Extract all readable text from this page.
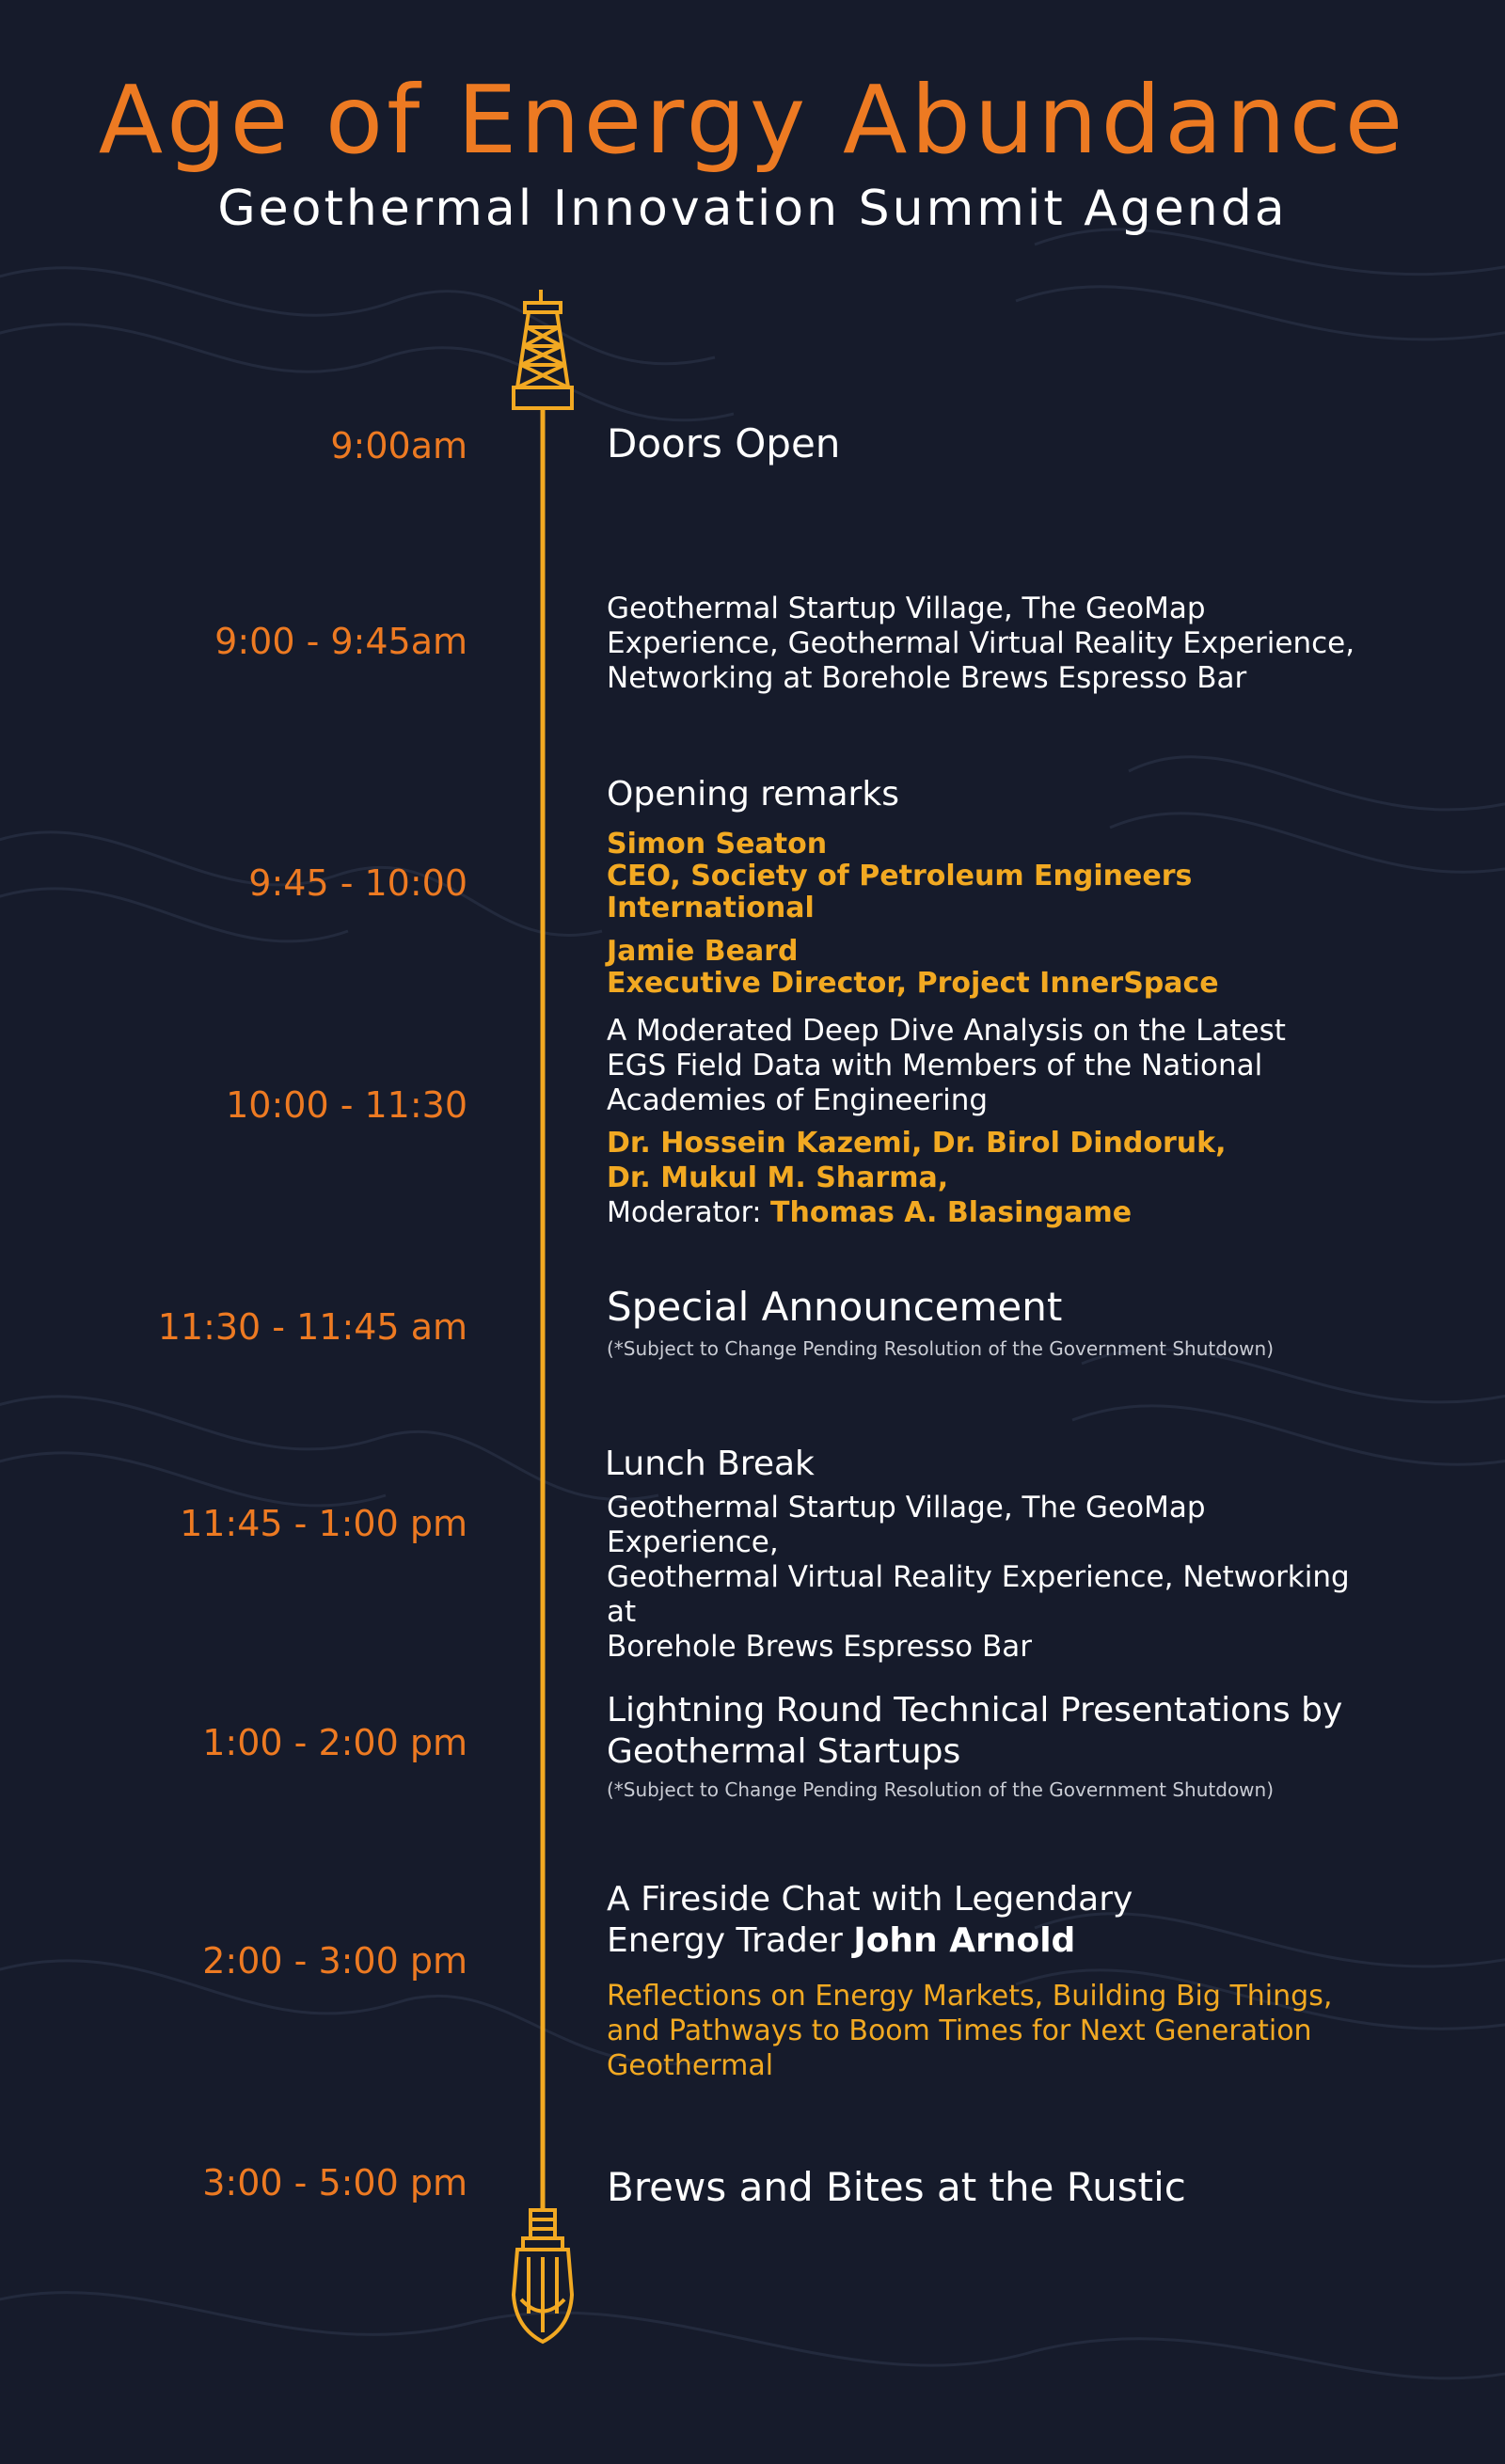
Age of Energy Abundance
Geothermal Innovation Summit Agenda
9:00am	Doors Open
9:00 - 9:45am
Geothermal Startup Village, The GeoMap
Experience, Geothermal Virtual Reality Experience,
Networking at Borehole Brews Espresso Bar
9:45 - 10:00
Opening remarks
Simon Seaton
CEO, Society of Petroleum Engineers International
Jamie Beard
Executive Director, Project InnerSpace
10:00 - 11:30
A Moderated Deep Dive Analysis on the Latest
EGS Field Data with Members of the National
Academies of Engineering
Dr. Hossein Kazemi, Dr. Birol Dindoruk,
Dr. Mukul M. Sharma,
Moderator: Thomas A. Blasingame
11:30 - 11:45 am	Special Announcement
(*Subject to Change Pending Resolution of the Government Shutdown)
11:45 - 1:00 pm
Lunch Break
Geothermal Startup Village, The GeoMap Experience,
Geothermal Virtual Reality Experience, Networking at
Borehole Brews Espresso Bar
1:00 - 2:00 pm
Lightning Round Technical Presentations by
Geothermal Startups
(*Subject to Change Pending Resolution of the Government Shutdown)
2:00 - 3:00 pm
A Fireside Chat with Legendary
Energy Trader John Arnold
Reflections on Energy Markets, Building Big Things,
and Pathways to Boom Times for Next Generation
Geothermal
3:00 - 5:00 pm	Brews and Bites at the Rustic
